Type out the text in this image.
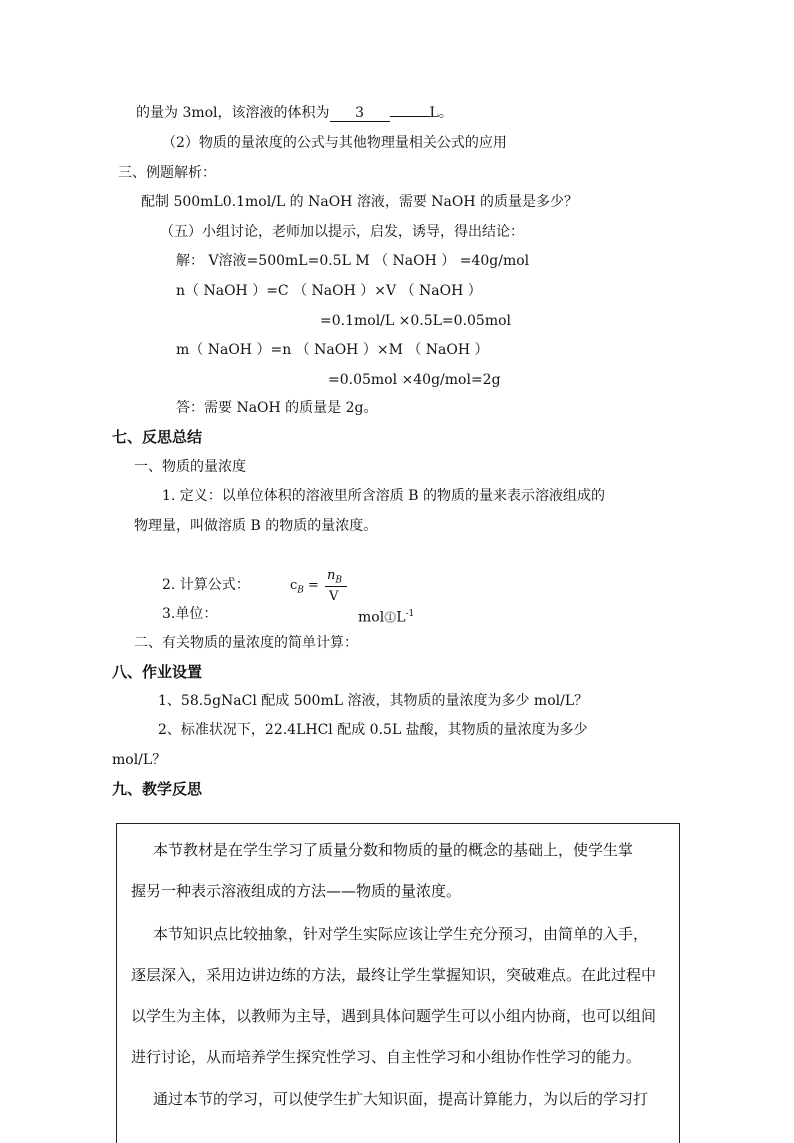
的量为 3mol，该溶液的体积为 3	L。
（2）物质的量浓度的公式与其他物理量相关公式的应用
三、例题解析：
配制 500mL0.1mol/L 的 NaOH 溶液，需要 NaOH 的质量是多少？
（五）小组讨论，老师加以提示，启发，诱导，得出结论：
解： V溶液=500mL=0.5L M （ NaOH ） =40g/mol
n（ NaOH ）=C （ NaOH ）×V （ NaOH ）
=0.1mol/L ×0.5L=0.05mol
m（ NaOH ）=n （ NaOH ）×M （ NaOH ）
=0.05mol ×40g/mol=2g
答：需要 NaOH 的质量是 2g。
七、反思总结
一、物质的量浓度
1. 定义：以单位体积的溶液里所含溶质 B 的物质的量来表示溶液组成的
物理量，叫做溶质 B 的物质的量浓度。
2. 计算公式：	$c_B$ =
$n_B$
V
3.单位：	$mol⓵L^{-1}$
二、有关物质的量浓度的简单计算：
八、作业设置
1、58.5gNaCl 配成 500mL 溶液，其物质的量浓度为多少 mol/L？
2、标准状况下，22.4LHCl 配成 0.5L 盐酸，其物质的量浓度为多少
mol/L？
九、教学反思
本节教材是在学生学习了质量分数和物质的量的概念的基础上，使学生掌
握另一种表示溶液组成的方法——物质的量浓度。
本节知识点比较抽象，针对学生实际应该让学生充分预习，由简单的入手，
逐层深入，采用边讲边练的方法，最终让学生掌握知识，突破难点。在此过程中
以学生为主体，以教师为主导，遇到具体问题学生可以小组内协商，也可以组间
进行讨论，从而培养学生探究性学习、自主性学习和小组协作性学习的能力。
通过本节的学习，可以使学生扩大知识面，提高计算能力，为以后的学习打
